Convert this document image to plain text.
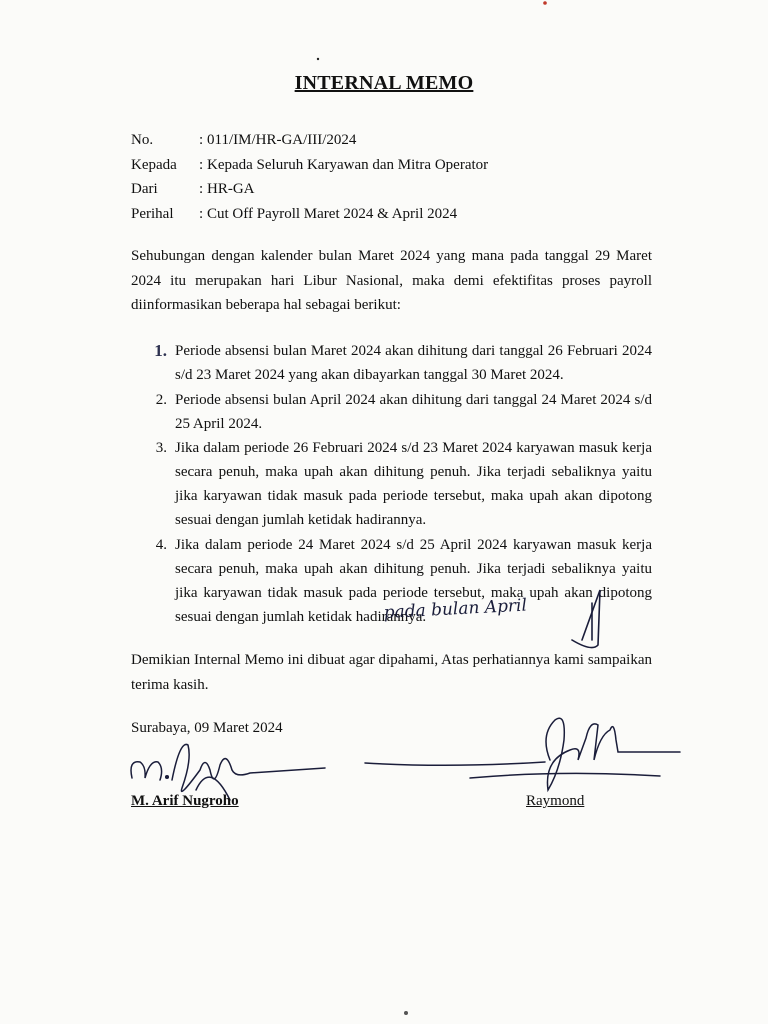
INTERNAL MEMO
No.	: 011/IM/HR-GA/III/2024
Kepada	: Kepada Seluruh Karyawan dan Mitra Operator
Dari	: HR-GA
Perihal	: Cut Off Payroll Maret 2024 & April 2024
Sehubungan dengan kalender bulan Maret 2024 yang mana pada tanggal 29 Maret 2024 itu merupakan hari Libur Nasional, maka demi efektifitas proses payroll diinformasikan beberapa hal sebagai berikut:
1. Periode absensi bulan Maret 2024 akan dihitung dari tanggal 26 Februari 2024 s/d 23 Maret 2024 yang akan dibayarkan tanggal 30 Maret 2024.
2. Periode absensi bulan April 2024 akan dihitung dari tanggal 24 Maret 2024 s/d 25 April 2024.
3. Jika dalam periode 26 Februari 2024 s/d 23 Maret 2024 karyawan masuk kerja secara penuh, maka upah akan dihitung penuh. Jika terjadi sebaliknya yaitu jika karyawan tidak masuk pada periode tersebut, maka upah akan dipotong sesuai dengan jumlah ketidak hadirannya.
4. Jika dalam periode 24 Maret 2024 s/d 25 April 2024 karyawan masuk kerja secara penuh, maka upah akan dihitung penuh. Jika terjadi sebaliknya yaitu jika karyawan tidak masuk pada periode tersebut, maka upah akan dipotong sesuai dengan jumlah ketidak hadirannya.
Demikian Internal Memo ini dibuat agar dipahami, Atas perhatiannya kami sampaikan terima kasih.
Surabaya, 09 Maret 2024
pada bulan April
M. Arif Nugroho	Raymond
